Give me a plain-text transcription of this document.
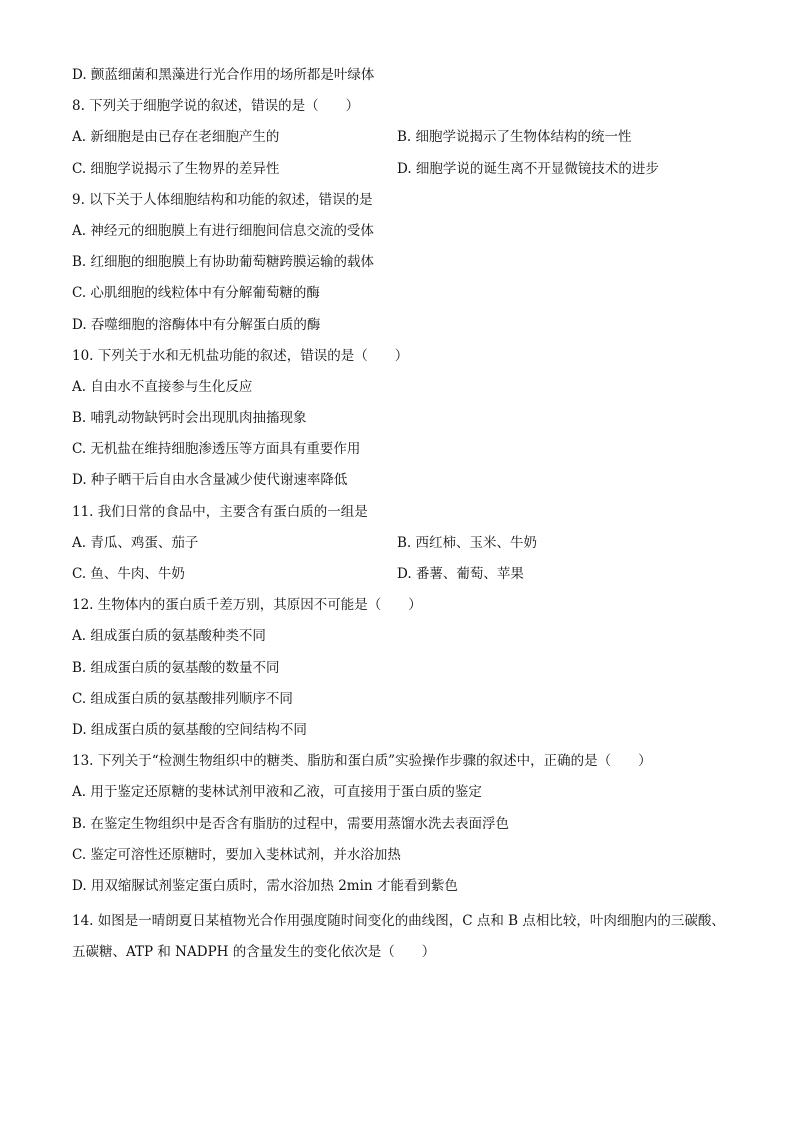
D. 颤蓝细菌和黑藻进行光合作用的场所都是叶绿体
8. 下列关于细胞学说的叙述，错误的是（　　）
A. 新细胞是由已存在老细胞产生的	B. 细胞学说揭示了生物体结构的统一性
C. 细胞学说揭示了生物界的差异性	D. 细胞学说的诞生离不开显微镜技术的进步
9. 以下关于人体细胞结构和功能的叙述，错误的是
A. 神经元的细胞膜上有进行细胞间信息交流的受体
B. 红细胞的细胞膜上有协助葡萄糖跨膜运输的载体
C. 心肌细胞的线粒体中有分解葡萄糖的酶
D. 吞噬细胞的溶酶体中有分解蛋白质的酶
10. 下列关于水和无机盐功能的叙述，错误的是（　　）
A. 自由水不直接参与生化反应
B. 哺乳动物缺钙时会出现肌肉抽搐现象
C. 无机盐在维持细胞渗透压等方面具有重要作用
D. 种子晒干后自由水含量减少使代谢速率降低
11. 我们日常的食品中，主要含有蛋白质的一组是
A. 青瓜、鸡蛋、茄子	B. 西红柿、玉米、牛奶
C. 鱼、牛肉、牛奶	D. 番薯、葡萄、苹果
12. 生物体内的蛋白质千差万别，其原因不可能是（　　）
A. 组成蛋白质的氨基酸种类不同
B. 组成蛋白质的氨基酸的数量不同
C. 组成蛋白质的氨基酸排列顺序不同
D. 组成蛋白质的氨基酸的空间结构不同
13. 下列关于“检测生物组织中的糖类、脂肪和蛋白质”实验操作步骤的叙述中，正确的是（　　）
A. 用于鉴定还原糖的斐林试剂甲液和乙液，可直接用于蛋白质的鉴定
B. 在鉴定生物组织中是否含有脂肪的过程中，需要用蒸馏水洗去表面浮色
C. 鉴定可溶性还原糖时，要加入斐林试剂，并水浴加热
D. 用双缩脲试剂鉴定蛋白质时，需水浴加热 2min 才能看到紫色
14. 如图是一晴朗夏日某植物光合作用强度随时间变化的曲线图，C 点和 B 点相比较，叶肉细胞内的三碳酸、五碳糖、ATP 和 NADPH 的含量发生的变化依次是（　　）
